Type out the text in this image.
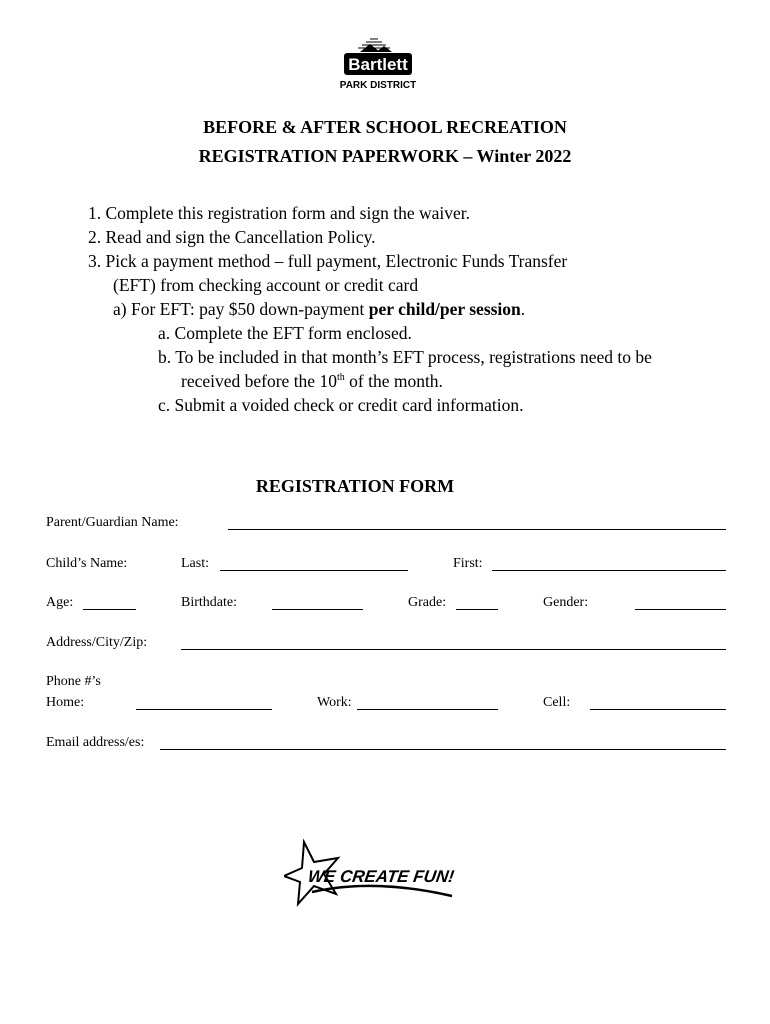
Bartlett
PARK DISTRICT
BEFORE & AFTER SCHOOL RECREATION
REGISTRATION PAPERWORK – Winter 2022
1. Complete this registration form and sign the waiver.
2. Read and sign the Cancellation Policy.
3. Pick a payment method – full payment, Electronic Funds Transfer
(EFT) from checking account or credit card
a) For EFT: pay $50 down-payment per child/per session.
a. Complete the EFT form enclosed.
b. To be included in that month’s EFT process, registrations need to be
received before the 10th of the month.
c. Submit a voided check or credit card information.
REGISTRATION FORM
Parent/Guardian Name:
Child’s Name:	Last:	First:
Age:	Birthdate:	Grade:	Gender:
Address/City/Zip:
Phone #’s
Home:	Work:	Cell:
Email address/es:
WE CREATE FUN!
